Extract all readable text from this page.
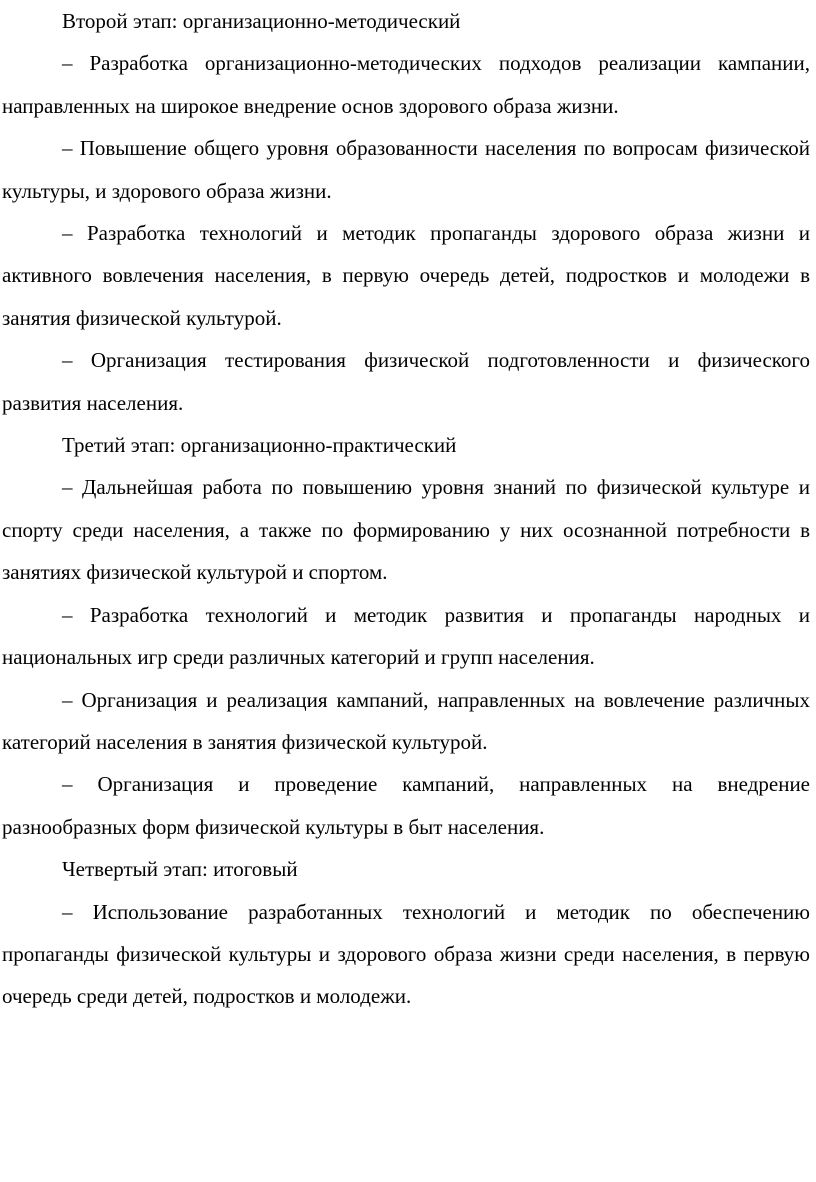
Второй этап: организационно-методический

– Разработка организационно-методических подходов реализации кампании, направленных на широкое внедрение основ здорового образа жизни.

– Повышение общего уровня образованности населения по вопросам физической культуры, и здорового образа жизни.

– Разработка технологий и методик пропаганды здорового образа жизни и активного вовлечения населения, в первую очередь детей, подростков и молодежи в занятия физической культурой.

– Организация тестирования физической подготовленности и физического развития населения.

Третий этап: организационно-практический

– Дальнейшая работа по повышению уровня знаний по физической культуре и спорту среди населения, а также по формированию у них осознанной потребности в занятиях физической культурой и спортом.

– Разработка технологий и методик развития и пропаганды народных и национальных игр среди различных категорий и групп населения.

– Организация и реализация кампаний, направленных на вовлечение различных категорий населения в занятия физической культурой.

– Организация и проведение кампаний, направленных на внедрение разнообразных форм физической культуры в быт населения.

Четвертый этап: итоговый

– Использование разработанных технологий и методик по обеспечению пропаганды физической культуры и здорового образа жизни среди населения, в первую очередь среди детей, подростков и молодежи.
